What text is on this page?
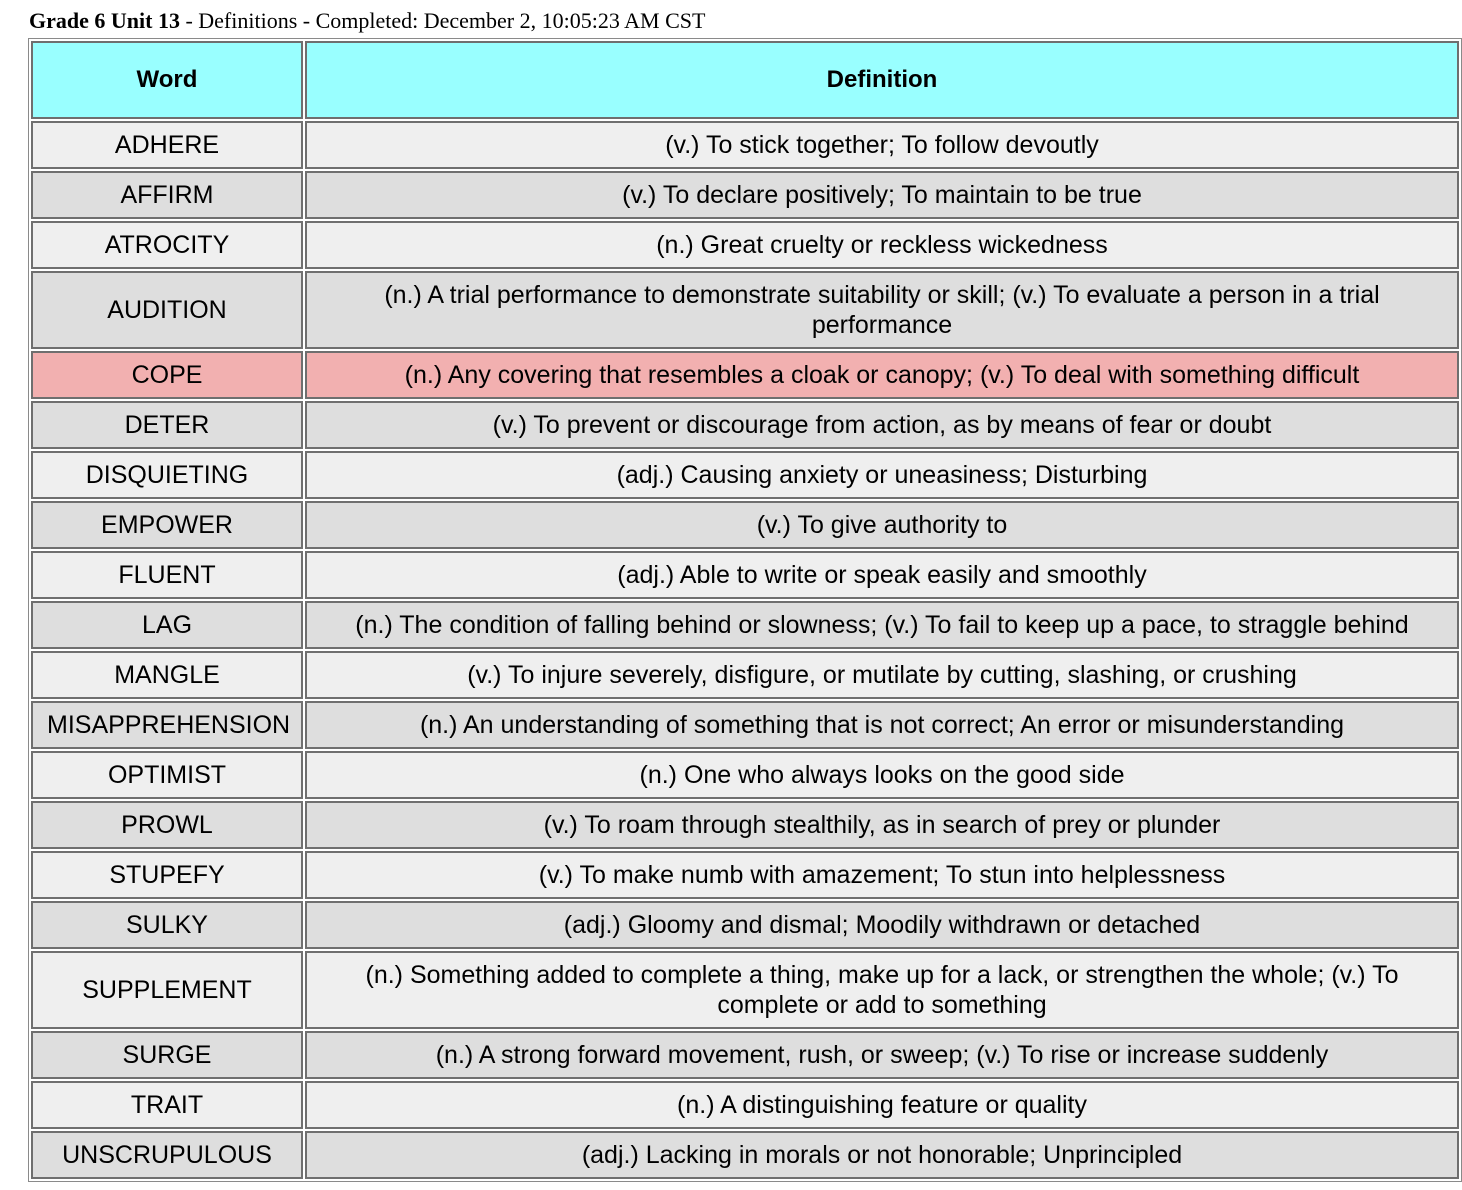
Grade 6 Unit 13 - Definitions - Completed: December 2, 10:05:23 AM CST
Word	Definition
ADHERE	(v.) To stick together; To follow devoutly
AFFIRM	(v.) To declare positively; To maintain to be true
ATROCITY	(n.) Great cruelty or reckless wickedness
AUDITION	(n.) A trial performance to demonstrate suitability or skill; (v.) To evaluate a person in a trial performance
COPE	(n.) Any covering that resembles a cloak or canopy; (v.) To deal with something difficult
DETER	(v.) To prevent or discourage from action, as by means of fear or doubt
DISQUIETING	(adj.) Causing anxiety or uneasiness; Disturbing
EMPOWER	(v.) To give authority to
FLUENT	(adj.) Able to write or speak easily and smoothly
LAG	(n.) The condition of falling behind or slowness; (v.) To fail to keep up a pace, to straggle behind
MANGLE	(v.) To injure severely, disfigure, or mutilate by cutting, slashing, or crushing
MISAPPREHENSION	(n.) An understanding of something that is not correct; An error or misunderstanding
OPTIMIST	(n.) One who always looks on the good side
PROWL	(v.) To roam through stealthily, as in search of prey or plunder
STUPEFY	(v.) To make numb with amazement; To stun into helplessness
SULKY	(adj.) Gloomy and dismal; Moodily withdrawn or detached
SUPPLEMENT	(n.) Something added to complete a thing, make up for a lack, or strengthen the whole; (v.) To complete or add to something
SURGE	(n.) A strong forward movement, rush, or sweep; (v.) To rise or increase suddenly
TRAIT	(n.) A distinguishing feature or quality
UNSCRUPULOUS	(adj.) Lacking in morals or not honorable; Unprincipled
